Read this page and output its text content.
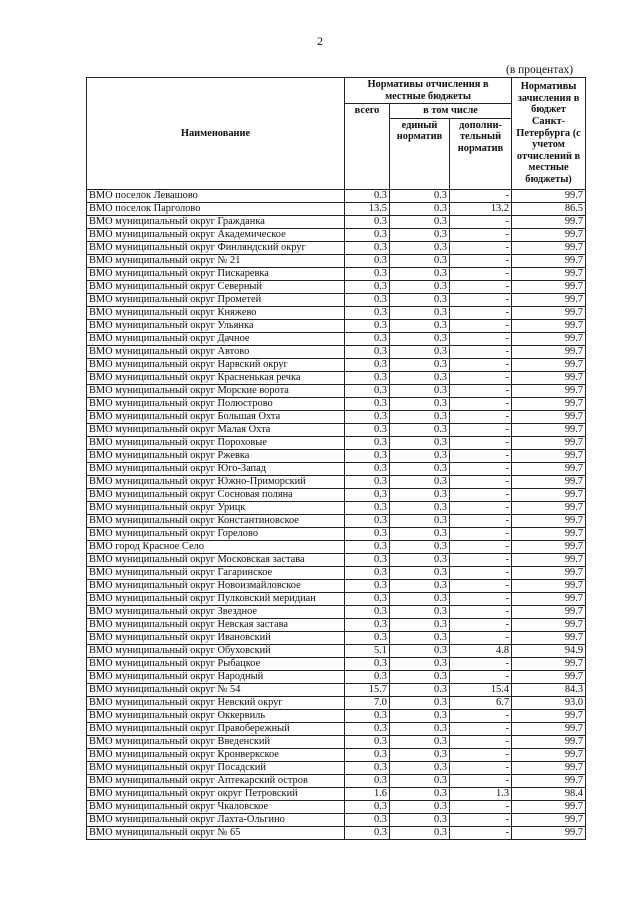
2
(в процентах)
Наименование	Нормативы отчисления в местные бюджеты			Нормативы зачисления в бюджет Санкт-Петербурга (с учетом отчислений в местные бюджеты)
	всего	в том числе		
		единый норматив	дополни-тельный норматив	
ВМО поселок Левашово	0.3	0.3	-	99.7
ВМО поселок Парголово	13.5	0.3	13.2	86.5
ВМО муниципальный округ Гражданка	0.3	0.3	-	99.7
ВМО муниципальный округ Академическое	0.3	0.3	-	99.7
ВМО муниципальный округ Финляндский округ	0.3	0.3	-	99.7
ВМО муниципальный округ № 21	0.3	0.3	-	99.7
ВМО муниципальный округ Пискаревка	0.3	0.3	-	99.7
ВМО муниципальный округ Северный	0.3	0.3	-	99.7
ВМО муниципальный округ Прометей	0.3	0.3	-	99.7
ВМО муниципальный округ Княжево	0.3	0.3	-	99.7
ВМО муниципальный округ Ульянка	0.3	0.3	-	99.7
ВМО муниципальный округ Дачное	0.3	0.3	-	99.7
ВМО муниципальный округ Автово	0.3	0.3	-	99.7
ВМО муниципальный округ Нарвский округ	0.3	0.3	-	99.7
ВМО муниципальный округ Красненькая речка	0.3	0.3	-	99.7
ВМО муниципальный округ Морские ворота	0.3	0.3	-	99.7
ВМО муниципальный округ Полюстрово	0.3	0.3	-	99.7
ВМО муниципальный округ Большая Охта	0.3	0.3	-	99.7
ВМО муниципальный округ Малая Охта	0.3	0.3	-	99.7
ВМО муниципальный округ Пороховые	0.3	0.3	-	99.7
ВМО муниципальный округ Ржевка	0.3	0.3	-	99.7
ВМО муниципальный округ Юго-Запад	0.3	0.3	-	99.7
ВМО муниципальный округ Южно-Приморский	0.3	0.3	-	99.7
ВМО муниципальный округ Сосновая поляна	0.3	0.3	-	99.7
ВМО муниципальный округ Урицк	0.3	0.3	-	99.7
ВМО муниципальный округ Константиновское	0.3	0.3	-	99.7
ВМО муниципальный округ Горелово	0.3	0.3	-	99.7
ВМО город Красное Село	0.3	0.3	-	99.7
ВМО муниципальный округ Московская застава	0.3	0.3	-	99.7
ВМО муниципальный округ Гагаринское	0.3	0.3	-	99.7
ВМО муниципальный округ Новоизмайловское	0.3	0.3	-	99.7
ВМО муниципальный округ Пулковский меридиан	0.3	0.3	-	99.7
ВМО муниципальный округ Звездное	0.3	0.3	-	99.7
ВМО муниципальный округ Невская застава	0.3	0.3	-	99.7
ВМО муниципальный округ Ивановский	0.3	0.3	-	99.7
ВМО муниципальный округ Обуховский	5.1	0.3	4.8	94.9
ВМО муниципальный округ Рыбацкое	0.3	0.3	-	99.7
ВМО муниципальный округ Народный	0.3	0.3	-	99.7
ВМО муниципальный округ № 54	15.7	0.3	15.4	84.3
ВМО муниципальный округ Невский округ	7.0	0.3	6.7	93.0
ВМО муниципальный округ Оккервиль	0.3	0.3	-	99.7
ВМО муниципальный округ Правобережный	0.3	0.3	-	99.7
ВМО муниципальный округ Введенский	0.3	0.3	-	99.7
ВМО муниципальный округ Кронверкское	0.3	0.3	-	99.7
ВМО муниципальный округ Посадский	0.3	0.3	-	99.7
ВМО муниципальный округ Аптекарский остров	0.3	0.3	-	99.7
ВМО муниципальный округ округ Петровский	1.6	0.3	1.3	98.4
ВМО муниципальный округ Чкаловское	0.3	0.3	-	99.7
ВМО муниципальный округ Лахта-Ольгино	0.3	0.3	-	99.7
ВМО муниципальный округ № 65	0.3	0.3	-	99.7
